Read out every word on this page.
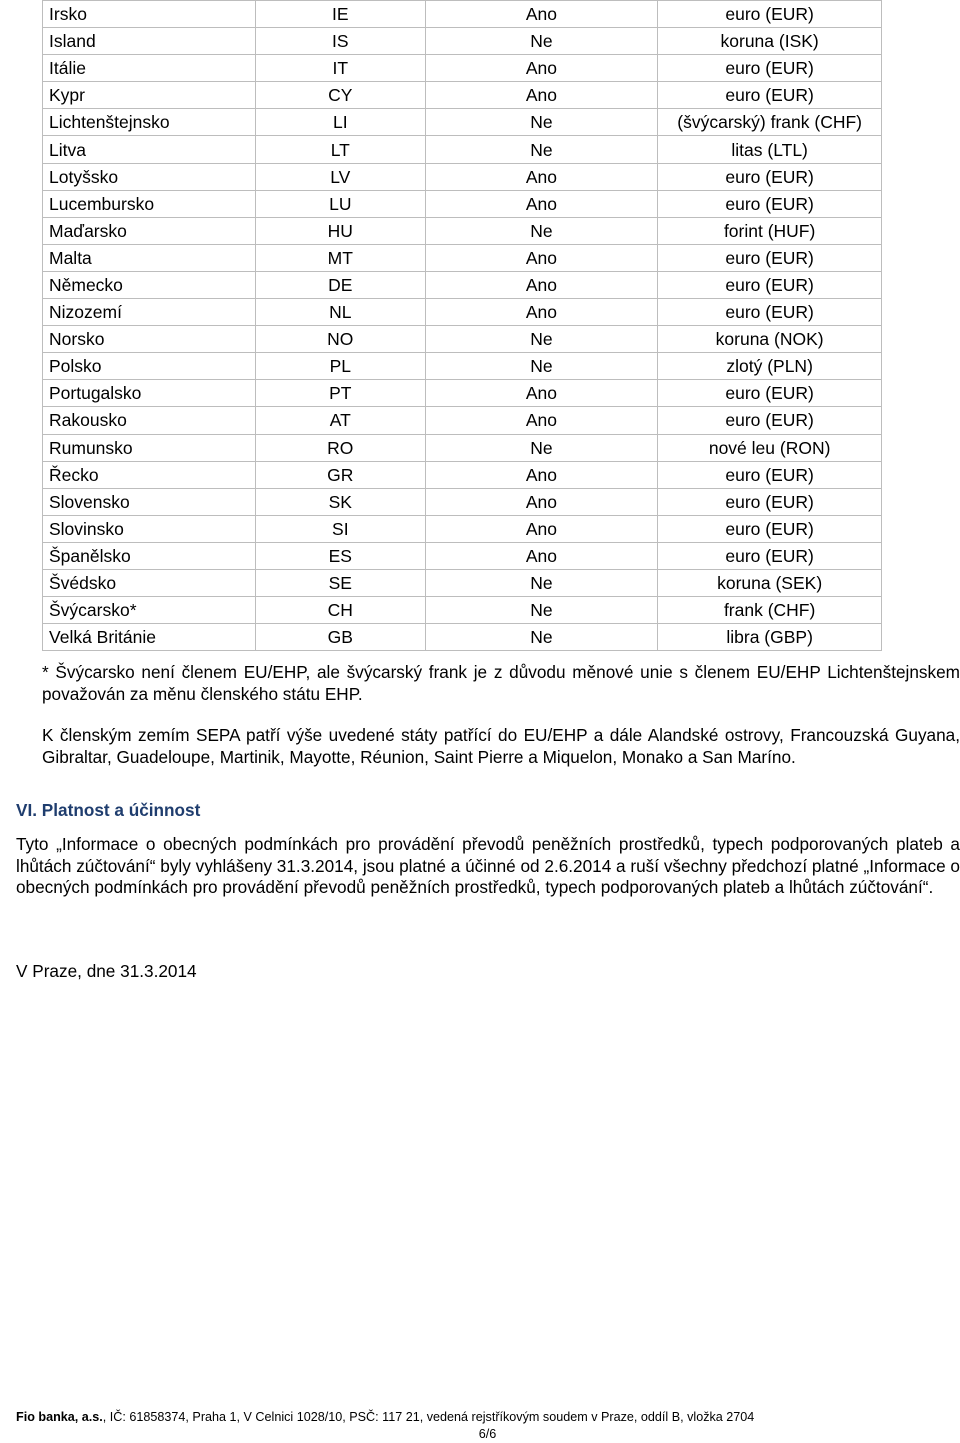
Irsko	IE	Ano	euro (EUR)
Island	IS	Ne	koruna (ISK)
Itálie	IT	Ano	euro (EUR)
Kypr	CY	Ano	euro (EUR)
Lichtenštejnsko	LI	Ne	(švýcarský) frank (CHF)
Litva	LT	Ne	litas (LTL)
Lotyšsko	LV	Ano	euro (EUR)
Lucembursko	LU	Ano	euro (EUR)
Maďarsko	HU	Ne	forint (HUF)
Malta	MT	Ano	euro (EUR)
Německo	DE	Ano	euro (EUR)
Nizozemí	NL	Ano	euro (EUR)
Norsko	NO	Ne	koruna (NOK)
Polsko	PL	Ne	zlotý (PLN)
Portugalsko	PT	Ano	euro (EUR)
Rakousko	AT	Ano	euro (EUR)
Rumunsko	RO	Ne	nové leu (RON)
Řecko	GR	Ano	euro (EUR)
Slovensko	SK	Ano	euro (EUR)
Slovinsko	SI	Ano	euro (EUR)
Španělsko	ES	Ano	euro (EUR)
Švédsko	SE	Ne	koruna (SEK)
Švýcarsko*	CH	Ne	frank (CHF)
Velká Británie	GB	Ne	libra (GBP)
* Švýcarsko není členem EU/EHP, ale švýcarský frank je z důvodu měnové unie s členem EU/EHP Lichtenštejnskem považován za měnu členského státu EHP.
K členským zemím SEPA patří výše uvedené státy patřící do EU/EHP a dále Alandské ostrovy, Francouzská Guyana, Gibraltar, Guadeloupe, Martinik, Mayotte, Réunion, Saint Pierre a Miquelon, Monako a San Maríno.
VI. Platnost a účinnost
Tyto „Informace o obecných podmínkách pro provádění převodů peněžních prostředků, typech podporovaných plateb a lhůtách zúčtování“ byly vyhlášeny 31.3.2014, jsou platné a účinné od 2.6.2014 a ruší všechny předchozí platné „Informace o obecných podmínkách pro provádění převodů peněžních prostředků, typech podporovaných plateb a lhůtách zúčtování“.
V Praze, dne 31.3.2014
Fio banka, a.s., IČ: 61858374, Praha 1, V Celnici 1028/10, PSČ: 117 21, vedená rejstříkovým soudem v Praze, oddíl B, vložka 2704
6/6
